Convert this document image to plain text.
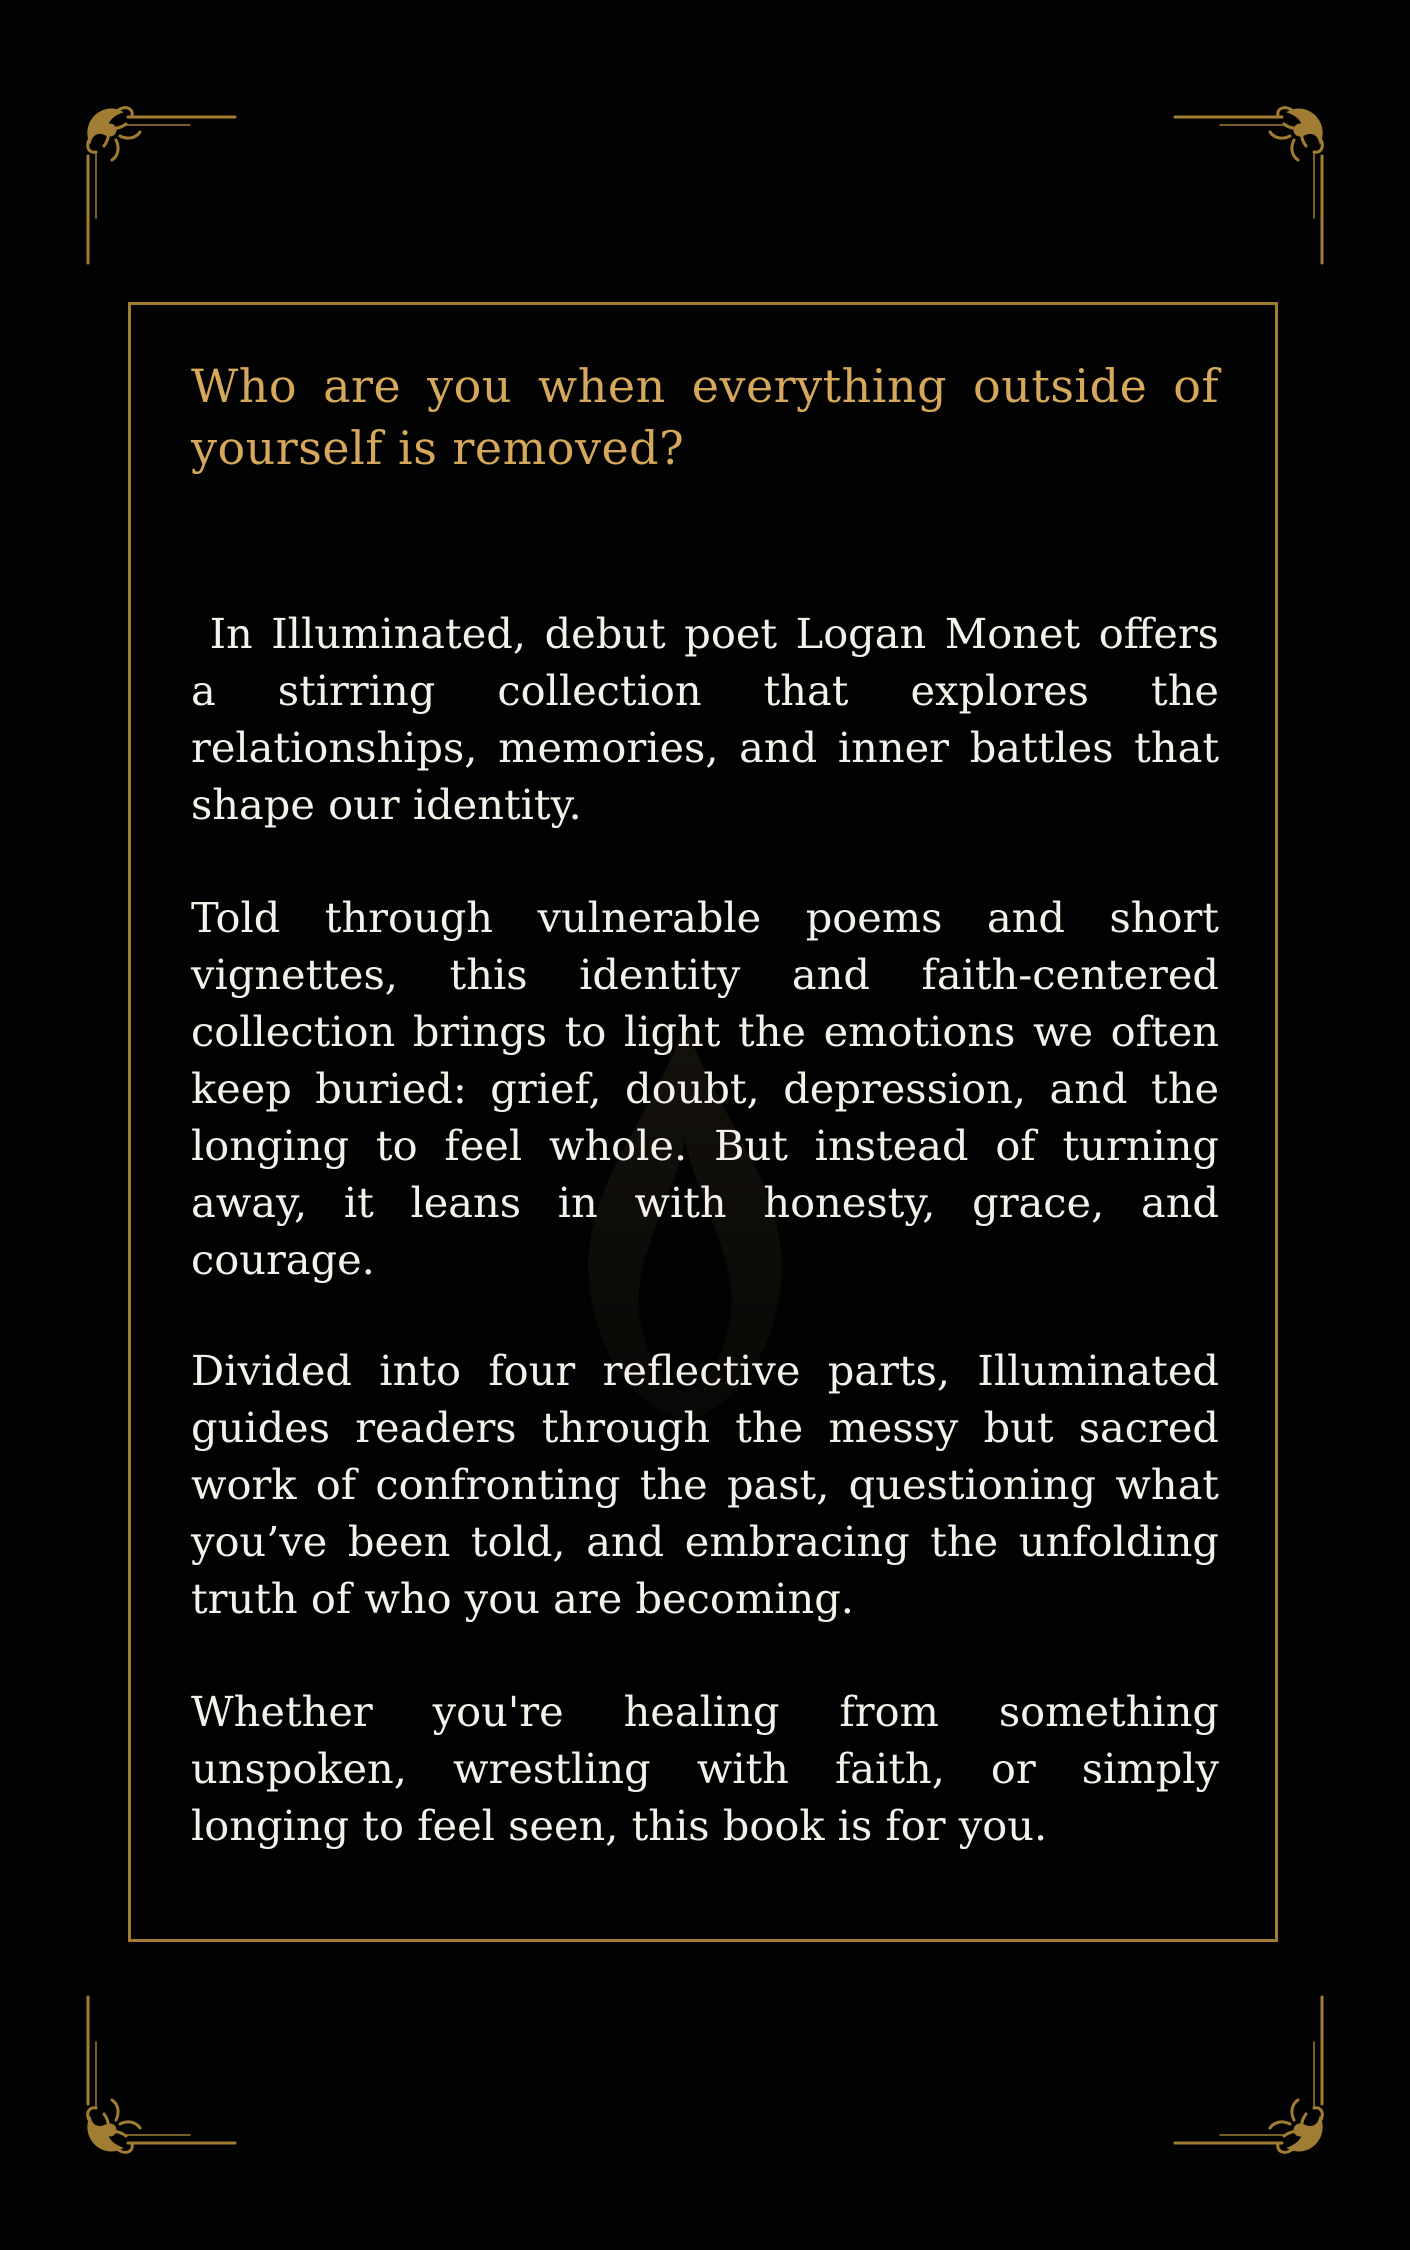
Who are you when everything outside of yourself is removed?

In Illuminated, debut poet Logan Monet offers a stirring collection that explores the relationships, memories, and inner battles that shape our identity.

Told through vulnerable poems and short vignettes, this identity and faith-centered collection brings to light the emotions we often keep buried: grief, doubt, depression, and the longing to feel whole. But instead of turning away, it leans in with honesty, grace, and courage.

Divided into four reflective parts, Illuminated guides readers through the messy but sacred work of confronting the past, questioning what you’ve been told, and embracing the unfolding truth of who you are becoming.

Whether you're healing from something unspoken, wrestling with faith, or simply longing to feel seen, this book is for you.
